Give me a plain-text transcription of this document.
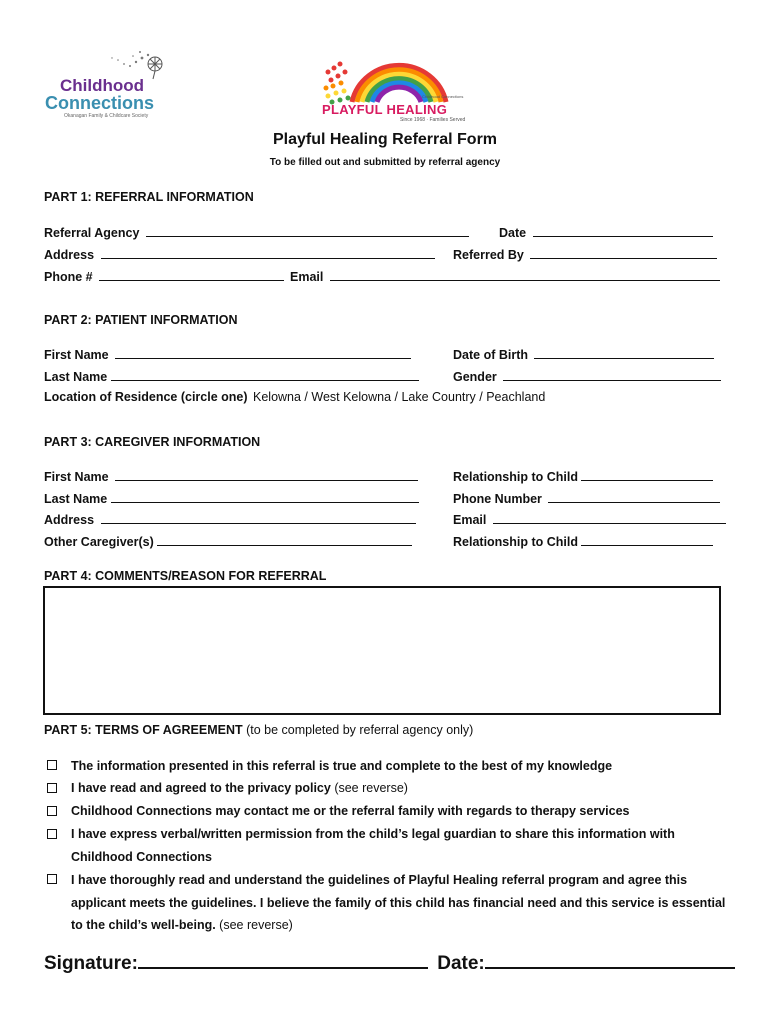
Childhood
Connections
Okanagan Family & Childcare Society
Childhood Connections
PLAYFUL HEALING
Since 1968 · Families Served
Playful Healing Referral Form
To be filled out and submitted by referral agency
PART 1: REFERRAL INFORMATION
Referral Agency	Date
Address	Referred By
Phone #	Email
PART 2: PATIENT INFORMATION
First Name	Date of Birth
Last Name	Gender
Location of Residence (circle one) Kelowna / West Kelowna / Lake Country / Peachland
PART 3: CAREGIVER INFORMATION
First Name	Relationship to Child
Last Name	Phone Number
Address	Email
Other Caregiver(s)	Relationship to Child
PART 4: COMMENTS/REASON FOR REFERRAL
PART 5: TERMS OF AGREEMENT (to be completed by referral agency only)
The information presented in this referral is true and complete to the best of my knowledge
I have read and agreed to the privacy policy (see reverse)
Childhood Connections may contact me or the referral family with regards to therapy services
I have express verbal/written permission from the child’s legal guardian to share this information with Childhood Connections
I have thoroughly read and understand the guidelines of Playful Healing referral program and agree this applicant meets the guidelines. I believe the family of this child has financial need and this service is essential to the child’s well-being. (see reverse)
Signature:	Date:
